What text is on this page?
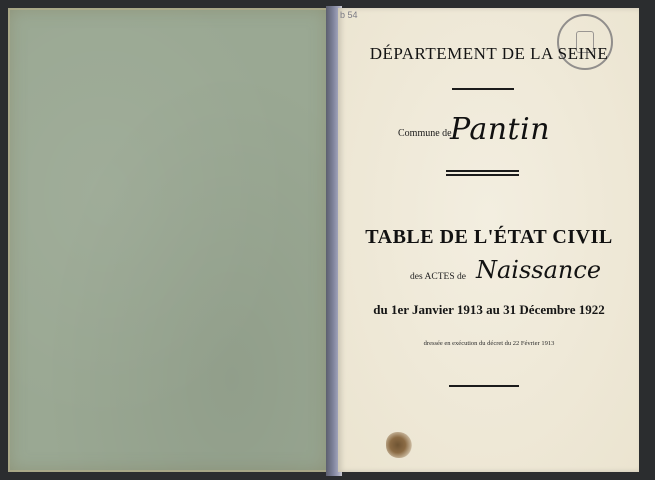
b 54
DÉPARTEMENT DE LA SEINE
Commune de
Pantin
TABLE DE L'ÉTAT CIVIL
des ACTES de Naissance
du 1er Janvier 1913 au 31 Décembre 1922
dressée en exécution du décret du 22 Février 1913
